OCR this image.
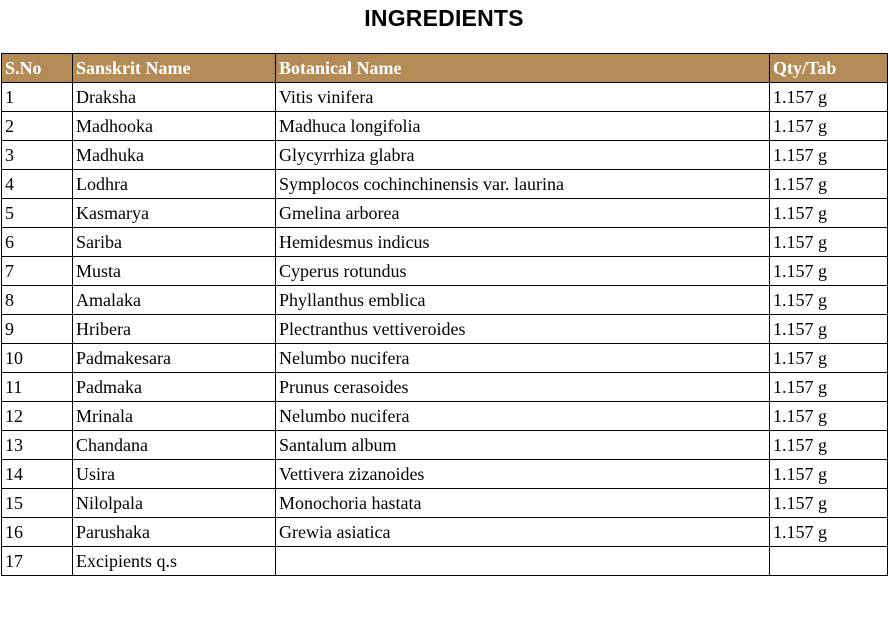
INGREDIENTS
S.No	Sanskrit Name	Botanical Name	Qty/Tab
1	Draksha	Vitis vinifera	1.157 g
2	Madhooka	Madhuca longifolia	1.157 g
3	Madhuka	Glycyrrhiza glabra	1.157 g
4	Lodhra	Symplocos cochinchinensis var. laurina	1.157 g
5	Kasmarya	Gmelina arborea	1.157 g
6	Sariba	Hemidesmus indicus	1.157 g
7	Musta	Cyperus rotundus	1.157 g
8	Amalaka	Phyllanthus emblica	1.157 g
9	Hribera	Plectranthus vettiveroides	1.157 g
10	Padmakesara	Nelumbo nucifera	1.157 g
11	Padmaka	Prunus cerasoides	1.157 g
12	Mrinala	Nelumbo nucifera	1.157 g
13	Chandana	Santalum album	1.157 g
14	Usira	Vettivera zizanoides	1.157 g
15	Nilolpala	Monochoria hastata	1.157 g
16	Parushaka	Grewia asiatica	1.157 g
17	Excipients q.s		
